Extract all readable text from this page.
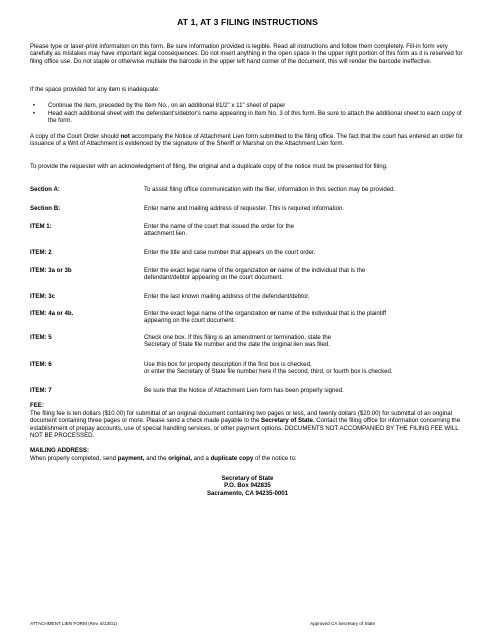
AT 1, AT 3 FILING INSTRUCTIONS
Please type or laser-print information on this form. Be sure information provided is legible. Read all instructions and follow them completely. Fill-in form very carefully as mistakes may have important legal consequences. Do not insert anything in the open space in the upper right portion of this form as it is reserved for filing office use. Do not staple or otherwise mutilate the barcode in the upper left hand corner of the document, this will render the barcode ineffective.
If the space provided for any item is inadequate:
• Continue the item, preceded by the Item No., on an additional 81/2" x 11" sheet of paper
• Head each additional sheet with the defendant's/debtor's name appearing in Item No. 3 of this form. Be sure to attach the additional sheet to each copy of the form.
A copy of the Court Order should not accompany the Notice of Attachment Lien form submitted to the filing office. The fact that the court has entered an order for issuance of a Writ of Attachment is evidenced by the signature of the Sheriff or Marshal on the Attachment Lien form.
To provide the requester with an acknowledgment of filing, the original and a duplicate copy of the notice must be presented for filing.
Section A:	To assist filing office communication with the filer, information in this section may be provided.
Section B:	Enter name and mailing address of requester. This is required information.
ITEM 1:	Enter the name of the court that issued the order for the
attachment lien.
ITEM: 2	Enter the title and case number that appears on the court order.
ITEM: 3a or 3b	Enter the exact legal name of the organization or name of the individual that is the
defendant/debtor appearing on the court document.
ITEM: 3c	Enter the last known mailing address of the defendant/debtor.
ITEM: 4a or 4b.	Enter the exact legal name of the organization or name of the individual that is the plaintiff
appearing on the court document.
ITEM: 5	Check one box. If this filing is an amendment or termination, state the
Secretary of State file number and the date the original lien was filed.
ITEM: 6	Use this box for property description if the first box is checked,
or enter the Secretary of State file number here if the second, third, or fourth box is checked.
ITEM: 7	Be sure that the Notice of Attachment Lien form has been properly signed.
FEE:
The filing fee is ten dollars ($10.00) for submittal of an original document containing two pages or less, and twenty dollars ($20.00) for submittal of an original document containing three pages or more. Please send a check made payable to the Secretary of State. Contact the filing office for information concerning the establishment of prepay accounts, use of special handling services, or other payment options. DOCUMENTS NOT ACCOMPANIED BY THE FILING FEE WILL NOT BE PROCESSED.
MAILING ADDRESS:
When properly completed, send payment, and the original, and a duplicate copy of the notice to:
Secretary of State
P.O. Box 942835
Sacramento, CA 94235-0001
ATTACHMENT LIEN FORM (Rev. 6/13/01)	Approved CA Secretary of State
